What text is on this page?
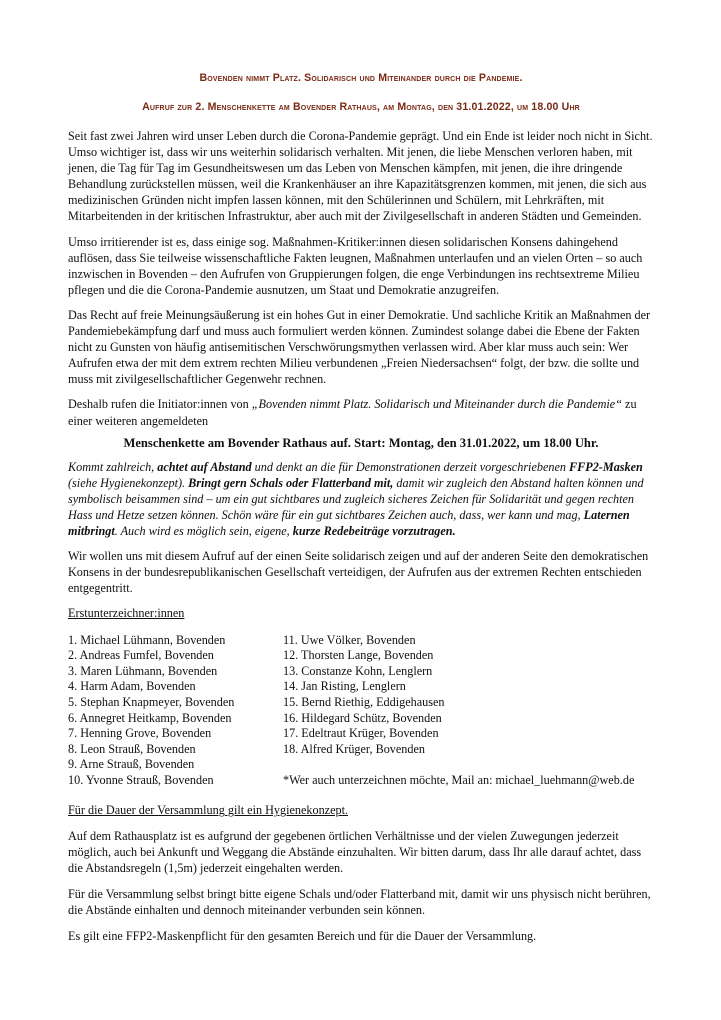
Bovenden nimmt Platz. Solidarisch und Miteinander durch die Pandemie.
Aufruf zur 2. Menschenkette am Bovender Rathaus, am Montag, den 31.01.2022, um 18.00 Uhr

Seit fast zwei Jahren wird unser Leben durch die Corona-Pandemie geprägt. Und ein Ende ist leider noch nicht in Sicht. Umso wichtiger ist, dass wir uns weiterhin solidarisch verhalten. Mit jenen, die liebe Menschen verloren haben, mit jenen, die Tag für Tag im Gesundheitswesen um das Leben von Menschen kämpfen, mit jenen, die ihre dringende Behandlung zurückstellen müssen, weil die Krankenhäuser an ihre Kapazitätsgrenzen kommen, mit jenen, die sich aus medizinischen Gründen nicht impfen lassen können, mit den Schülerinnen und Schülern, mit Lehrkräften, mit Mitarbeitenden in der kritischen Infrastruktur, aber auch mit der Zivilgesellschaft in anderen Städten und Gemeinden.

Umso irritierender ist es, dass einige sog. Maßnahmen-Kritiker:innen diesen solidarischen Konsens dahingehend auflösen, dass Sie teilweise wissenschaftliche Fakten leugnen, Maßnahmen unterlaufen und an vielen Orten – so auch inzwischen in Bovenden – den Aufrufen von Gruppierungen folgen, die enge Verbindungen ins rechtsextreme Milieu pflegen und die die Corona-Pandemie ausnutzen, um Staat und Demokratie anzugreifen.

Das Recht auf freie Meinungsäußerung ist ein hohes Gut in einer Demokratie. Und sachliche Kritik an Maßnahmen der Pandemiebekämpfung darf und muss auch formuliert werden können. Zumindest solange dabei die Ebene der Fakten nicht zu Gunsten von häufig antisemitischen Verschwörungsmythen verlassen wird. Aber klar muss auch sein: Wer Aufrufen etwa der mit dem extrem rechten Milieu verbundenen „Freien Niedersachsen“ folgt, der bzw. die sollte und muss mit zivilgesellschaftlicher Gegenwehr rechnen.

Deshalb rufen die Initiator:innen von „Bovenden nimmt Platz. Solidarisch und Miteinander durch die Pandemie“ zu einer weiteren angemeldeten

Menschenkette am Bovender Rathaus auf. Start: Montag, den 31.01.2022, um 18.00 Uhr.

Kommt zahlreich, achtet auf Abstand und denkt an die für Demonstrationen derzeit vorgeschriebenen FFP2-Masken (siehe Hygienekonzept). Bringt gern Schals oder Flatterband mit, damit wir zugleich den Abstand halten können und symbolisch beisammen sind – um ein gut sichtbares und zugleich sicheres Zeichen für Solidarität und gegen rechten Hass und Hetze setzen können. Schön wäre für ein gut sichtbares Zeichen auch, dass, wer kann und mag, Laternen mitbringt. Auch wird es möglich sein, eigene, kurze Redebeiträge vorzutragen.

Wir wollen uns mit diesem Aufruf auf der einen Seite solidarisch zeigen und auf der anderen Seite den demokratischen Konsens in der bundesrepublikanischen Gesellschaft verteidigen, der Aufrufen aus der extremen Rechten entschieden entgegentritt.

Erstunterzeichner:innen

1. Michael Lühmann, Bovenden
2. Andreas Fumfel, Bovenden
3. Maren Lühmann, Bovenden
4. Harm Adam, Bovenden
5. Stephan Knapmeyer, Bovenden
6. Annegret Heitkamp, Bovenden
7. Henning Grove, Bovenden
8. Leon Strauß, Bovenden
9. Arne Strauß, Bovenden
10. Yvonne Strauß, Bovenden
11. Uwe Völker, Bovenden
12. Thorsten Lange, Bovenden
13. Constanze Kohn, Lenglern
14. Jan Risting, Lenglern
15. Bernd Riethig, Eddigehausen
16. Hildegard Schütz, Bovenden
17. Edeltraut Krüger, Bovenden
18. Alfred Krüger, Bovenden
*Wer auch unterzeichnen möchte, Mail an: michael_luehmann@web.de

Für die Dauer der Versammlung gilt ein Hygienekonzept.

Auf dem Rathausplatz ist es aufgrund der gegebenen örtlichen Verhältnisse und der vielen Zuwegungen jederzeit möglich, auch bei Ankunft und Weggang die Abstände einzuhalten. Wir bitten darum, dass Ihr alle darauf achtet, dass die Abstandsregeln (1,5m) jederzeit eingehalten werden.

Für die Versammlung selbst bringt bitte eigene Schals und/oder Flatterband mit, damit wir uns physisch nicht berühren, die Abstände einhalten und dennoch miteinander verbunden sein können.

Es gilt eine FFP2-Maskenpflicht für den gesamten Bereich und für die Dauer der Versammlung.
